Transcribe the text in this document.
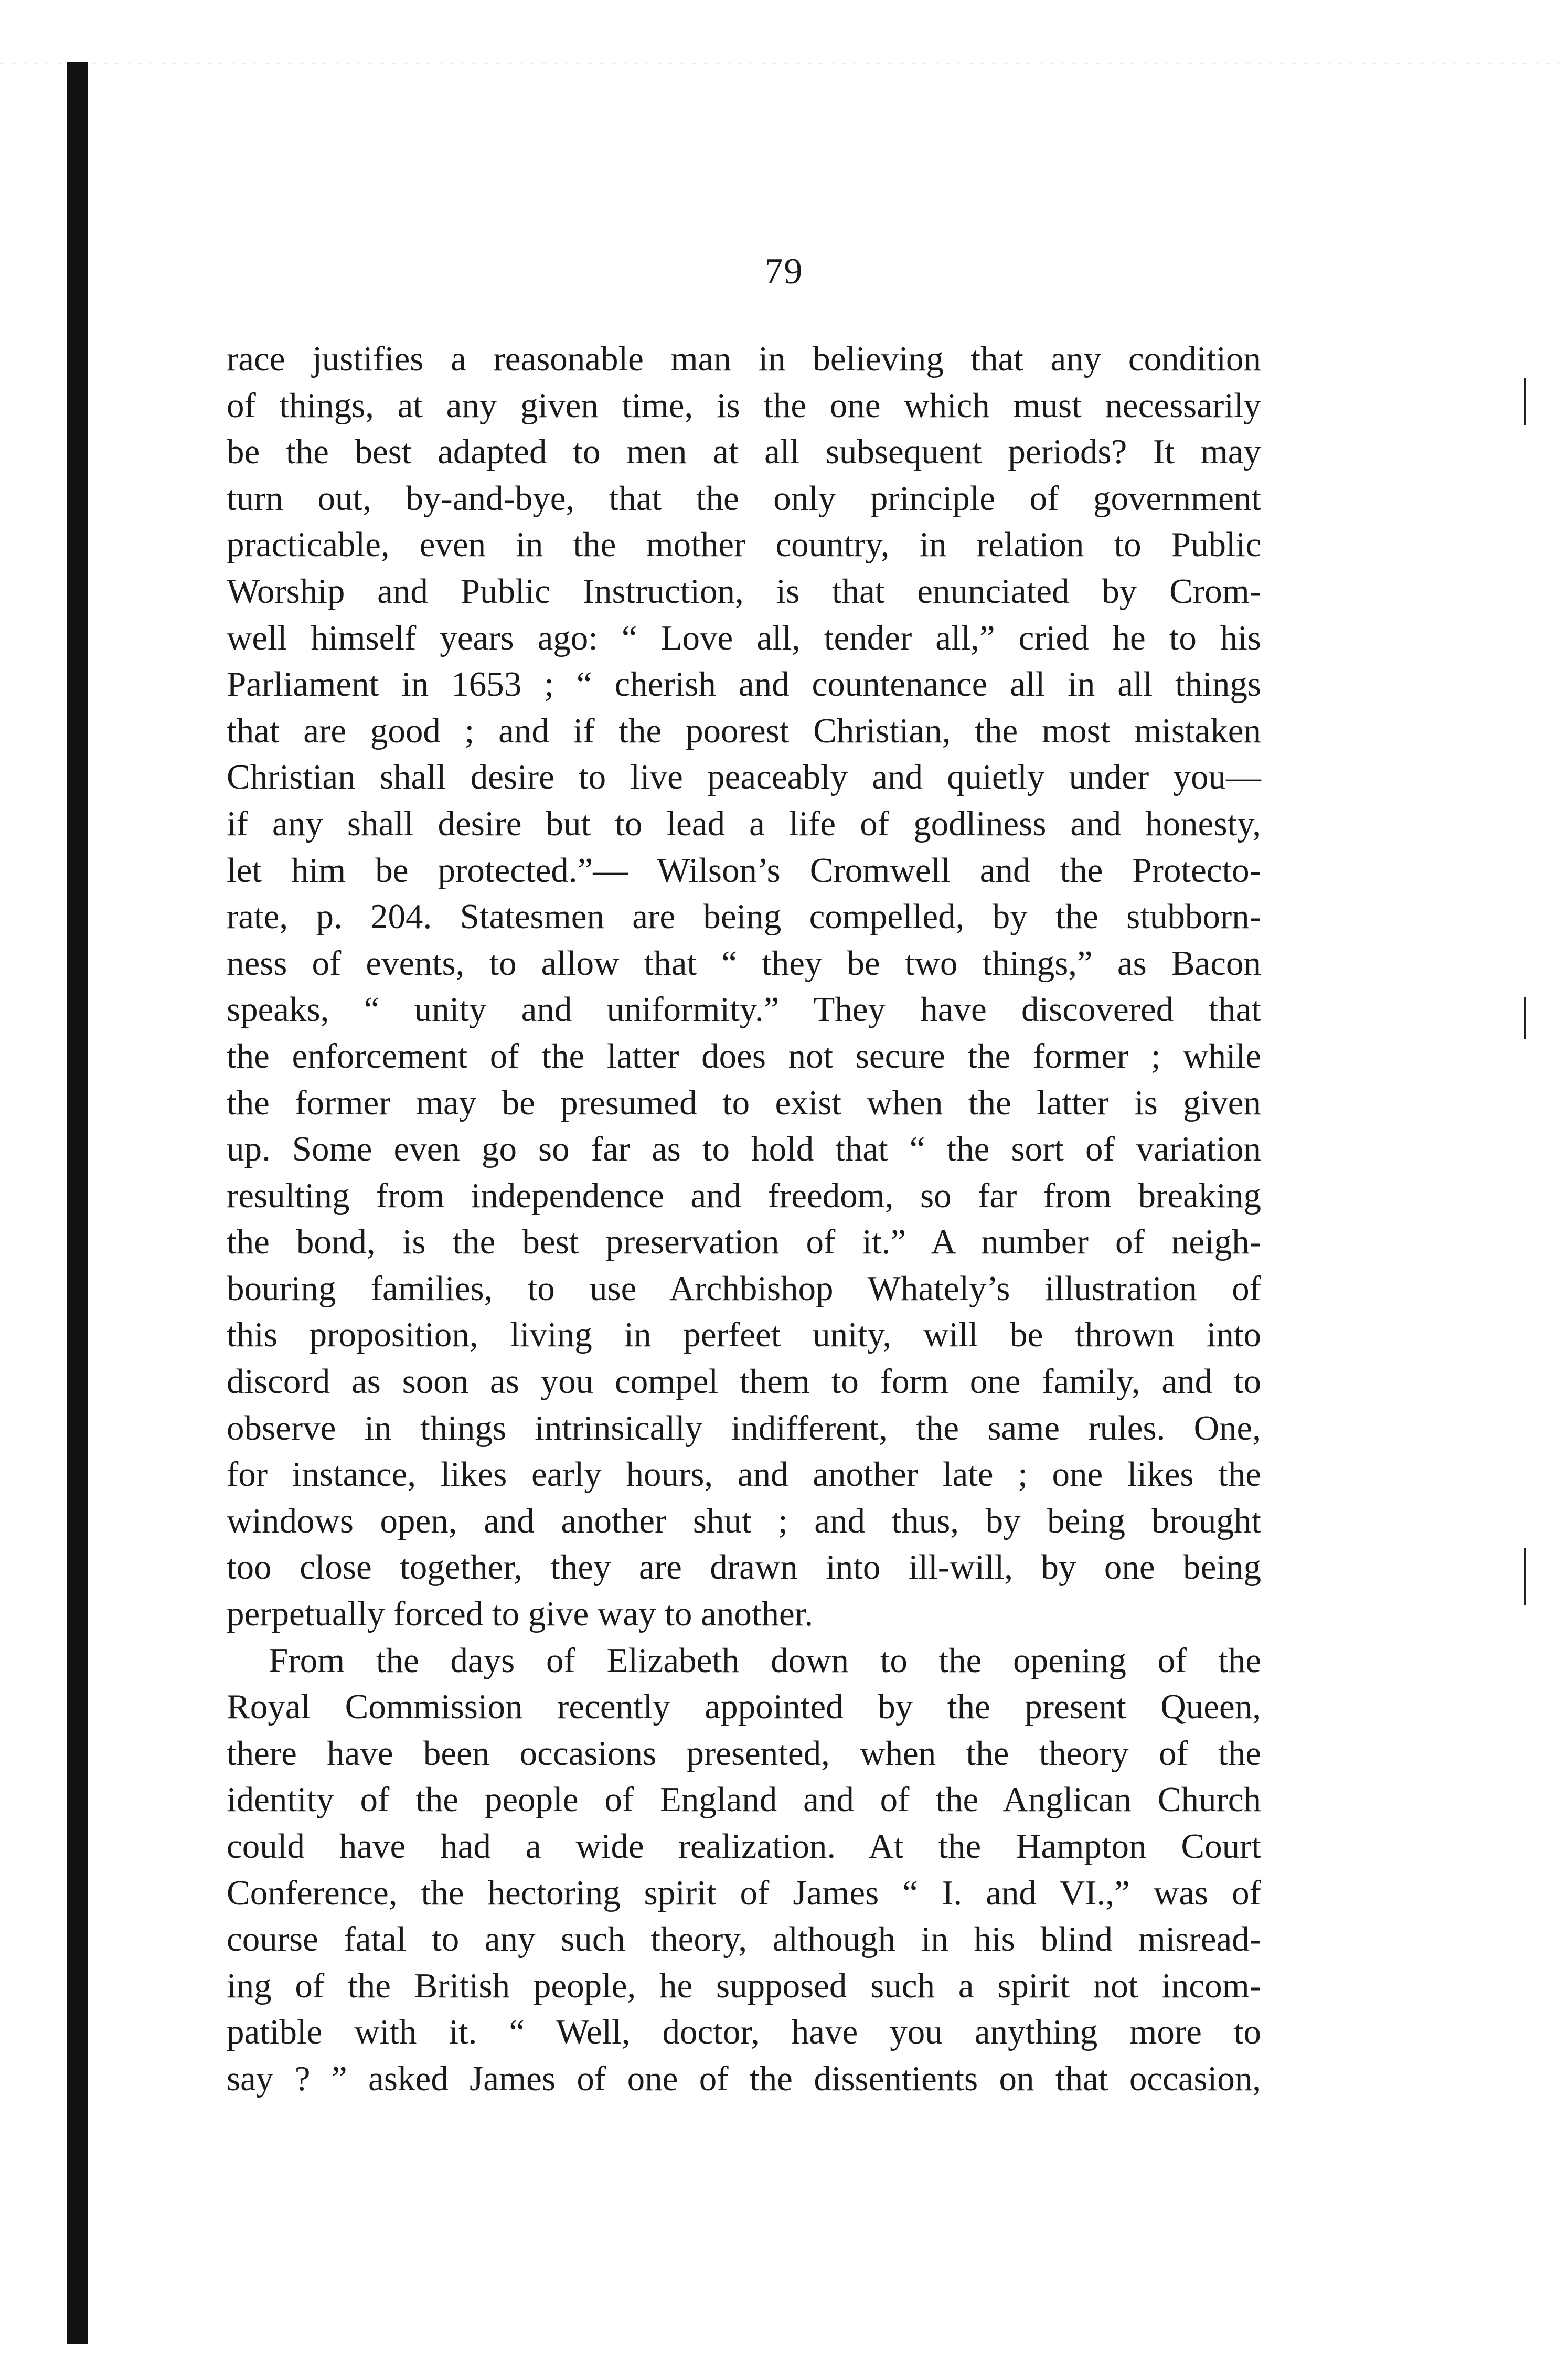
79
race justifies a reasonable man in believing that any condition
of things, at any given time, is the one which must necessarily
be the best adapted to men at all subsequent periods? It may
turn out, by-and-bye, that the only principle of government
practicable, even in the mother country, in relation to Public
Worship and Public Instruction, is that enunciated by Crom-
well himself years ago: “ Love all, tender all,” cried he to his
Parliament in 1653 ; “ cherish and countenance all in all things
that are good ; and if the poorest Christian, the most mistaken
Christian shall desire to live peaceably and quietly under you—
if any shall desire but to lead a life of godliness and honesty,
let him be protected.”— Wilson’s Cromwell and the Protecto-
rate, p. 204. Statesmen are being compelled, by the stubborn-
ness of events, to allow that “ they be two things,” as Bacon
speaks, “ unity and uniformity.” They have discovered that
the enforcement of the latter does not secure the former ; while
the former may be presumed to exist when the latter is given
up. Some even go so far as to hold that “ the sort of variation
resulting from independence and freedom, so far from breaking
the bond, is the best preservation of it.” A number of neigh-
bouring families, to use Archbishop Whately’s illustration of
this proposition, living in perfeet unity, will be thrown into
discord as soon as you compel them to form one family, and to
observe in things intrinsically indifferent, the same rules. One,
for instance, likes early hours, and another late ; one likes the
windows open, and another shut ; and thus, by being brought
too close together, they are drawn into ill-will, by one being
perpetually forced to give way to another.
From the days of Elizabeth down to the opening of the
Royal Commission recently appointed by the present Queen,
there have been occasions presented, when the theory of the
identity of the people of England and of the Anglican Church
could have had a wide realization. At the Hampton Court
Conference, the hectoring spirit of James “ I. and VI.,” was of
course fatal to any such theory, although in his blind misread-
ing of the British people, he supposed such a spirit not incom-
patible with it. “ Well, doctor, have you anything more to
say ? ” asked James of one of the dissentients on that occasion,
